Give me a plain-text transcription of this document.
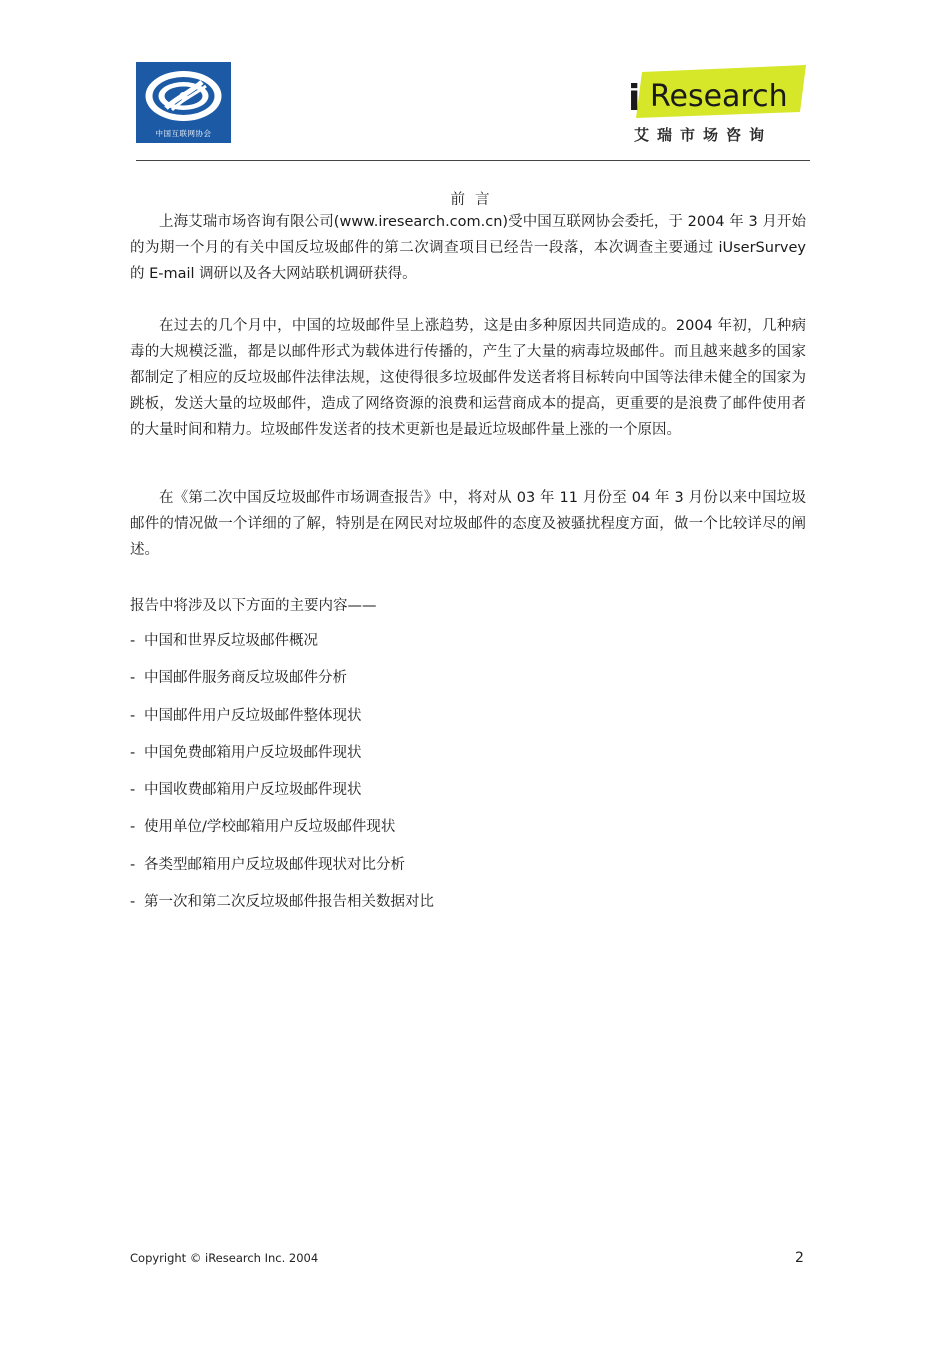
中国互联网协会
i Research
艾瑞市场咨询
前言

上海艾瑞市场咨询有限公司(www.iresearch.com.cn)受中国互联网协会委托，于 2004 年 3 月开始的为期一个月的有关中国反垃圾邮件的第二次调查项目已经告一段落，本次调查主要通过 iUserSurvey 的 E-mail 调研以及各大网站联机调研获得。

在过去的几个月中，中国的垃圾邮件呈上涨趋势，这是由多种原因共同造成的。2004 年初，几种病毒的大规模泛滥，都是以邮件形式为载体进行传播的，产生了大量的病毒垃圾邮件。而且越来越多的国家都制定了相应的反垃圾邮件法律法规，这使得很多垃圾邮件发送者将目标转向中国等法律未健全的国家为跳板，发送大量的垃圾邮件，造成了网络资源的浪费和运营商成本的提高，更重要的是浪费了邮件使用者的大量时间和精力。垃圾邮件发送者的技术更新也是最近垃圾邮件量上涨的一个原因。

在《第二次中国反垃圾邮件市场调查报告》中，将对从 03 年 11 月份至 04 年 3 月份以来中国垃圾邮件的情况做一个详细的了解，特别是在网民对垃圾邮件的态度及被骚扰程度方面，做一个比较详尽的阐述。

报告中将涉及以下方面的主要内容——
- 中国和世界反垃圾邮件概况
- 中国邮件服务商反垃圾邮件分析
- 中国邮件用户反垃圾邮件整体现状
- 中国免费邮箱用户反垃圾邮件现状
- 中国收费邮箱用户反垃圾邮件现状
- 使用单位/学校邮箱用户反垃圾邮件现状
- 各类型邮箱用户反垃圾邮件现状对比分析
- 第一次和第二次反垃圾邮件报告相关数据对比
Copyright © iResearch Inc. 2004	2
